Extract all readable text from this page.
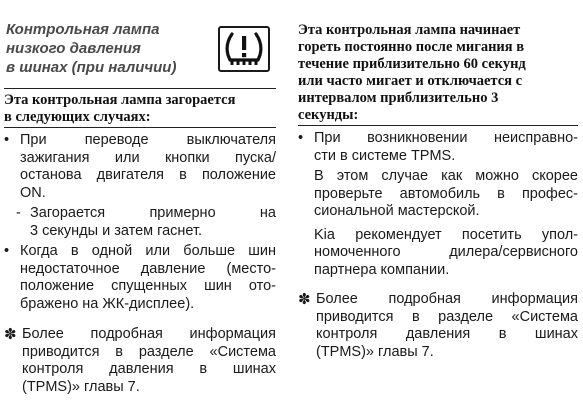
Контрольная лампа
низкого давления
в шинах (при наличии)
Эта контрольная лампа загорается
в следующих случаях:
• При переводе выключателя
зажигания или кнопки пуска/
останова двигателя в положение
ON.
- Загорается примерно на
3 секунды и затем гаснет.
• Когда в одной или больше шин
недостаточное давление (место-
положение спущенных шин ото-
бражено на ЖК-дисплее).
✽ Более подробная информация
приводится в разделе «Система
контроля давления в шинах
(TPMS)» главы 7.
Эта контрольная лампа начинает
гореть постоянно после мигания в
течение приблизительно 60 секунд
или часто мигает и отключается с
интервалом приблизительно 3
секунды:
• При возникновении неисправно-
сти в системе TPMS.
В этом случае как можно скорее
проверьте автомобиль в профес-
сиональной мастерской.
Kia рекомендует посетить упол-
номоченного дилера/сервисного
партнера компании.
✽ Более подробная информация
приводится в разделе «Система
контроля давления в шинах
(TPMS)» главы 7.
